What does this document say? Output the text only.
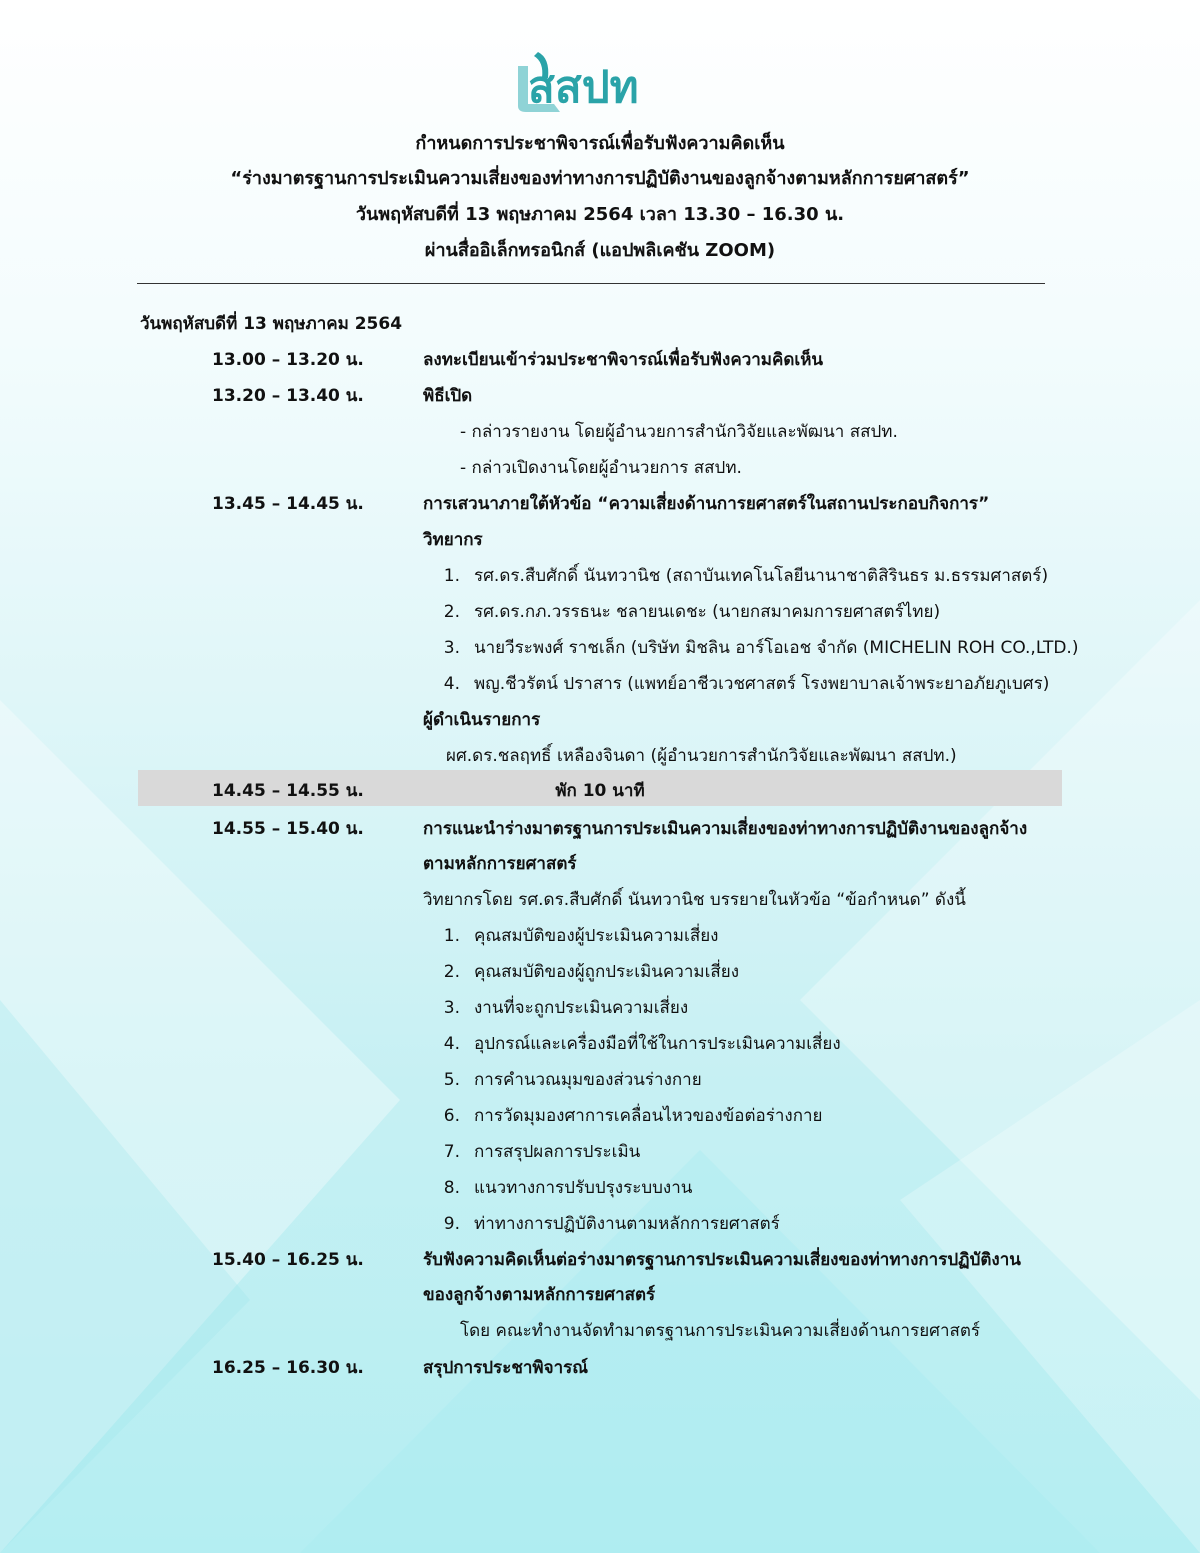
สสปท
กำหนดการประชาพิจารณ์เพื่อรับฟังความคิดเห็น
“ร่างมาตรฐานการประเมินความเสี่ยงของท่าทางการปฏิบัติงานของลูกจ้างตามหลักการยศาสตร์”
วันพฤหัสบดีที่ 13 พฤษภาคม 2564 เวลา 13.30 – 16.30 น.
ผ่านสื่ออิเล็กทรอนิกส์ (แอปพลิเคชัน ZOOM)
วันพฤหัสบดีที่ 13 พฤษภาคม 2564
13.00 – 13.20 น.	ลงทะเบียนเข้าร่วมประชาพิจารณ์เพื่อรับฟังความคิดเห็น
13.20 – 13.40 น.	พิธีเปิด
- กล่าวรายงาน โดยผู้อำนวยการสำนักวิจัยและพัฒนา สสปท.
- กล่าวเปิดงานโดยผู้อำนวยการ สสปท.
13.45 – 14.45 น.	การเสวนาภายใต้หัวข้อ “ความเสี่ยงด้านการยศาสตร์ในสถานประกอบกิจการ”
วิทยากร
1. รศ.ดร.สืบศักดิ์ นันทวานิช (สถาบันเทคโนโลยีนานาชาติสิรินธร ม.ธรรมศาสตร์)
2. รศ.ดร.กภ.วรรธนะ ชลายนเดชะ (นายกสมาคมการยศาสตร์ไทย)
3. นายวีระพงศ์ ราชเล็ก (บริษัท มิชลิน อาร์โอเอช จำกัด (MICHELIN ROH CO.,LTD.)
4. พญ.ชีวรัตน์ ปราสาร (แพทย์อาชีวเวชศาสตร์ โรงพยาบาลเจ้าพระยาอภัยภูเบศร)
ผู้ดำเนินรายการ
ผศ.ดร.ชลฤทธิ์ เหลืองจินดา (ผู้อำนวยการสำนักวิจัยและพัฒนา สสปท.)
14.45 – 14.55 น.	พัก 10 นาที
14.55 – 15.40 น.	การแนะนำร่างมาตรฐานการประเมินความเสี่ยงของท่าทางการปฏิบัติงานของลูกจ้าง
ตามหลักการยศาสตร์
วิทยากรโดย รศ.ดร.สืบศักดิ์ นันทวานิช บรรยายในหัวข้อ “ข้อกำหนด” ดังนี้
1. คุณสมบัติของผู้ประเมินความเสี่ยง
2. คุณสมบัติของผู้ถูกประเมินความเสี่ยง
3. งานที่จะถูกประเมินความเสี่ยง
4. อุปกรณ์และเครื่องมือที่ใช้ในการประเมินความเสี่ยง
5. การคำนวณมุมของส่วนร่างกาย
6. การวัดมุมองศาการเคลื่อนไหวของข้อต่อร่างกาย
7. การสรุปผลการประเมิน
8. แนวทางการปรับปรุงระบบงาน
9. ท่าทางการปฏิบัติงานตามหลักการยศาสตร์
15.40 – 16.25 น.	รับฟังความคิดเห็นต่อร่างมาตรฐานการประเมินความเสี่ยงของท่าทางการปฏิบัติงาน
ของลูกจ้างตามหลักการยศาสตร์
โดย คณะทำงานจัดทำมาตรฐานการประเมินความเสี่ยงด้านการยศาสตร์
16.25 – 16.30 น.	สรุปการประชาพิจารณ์
